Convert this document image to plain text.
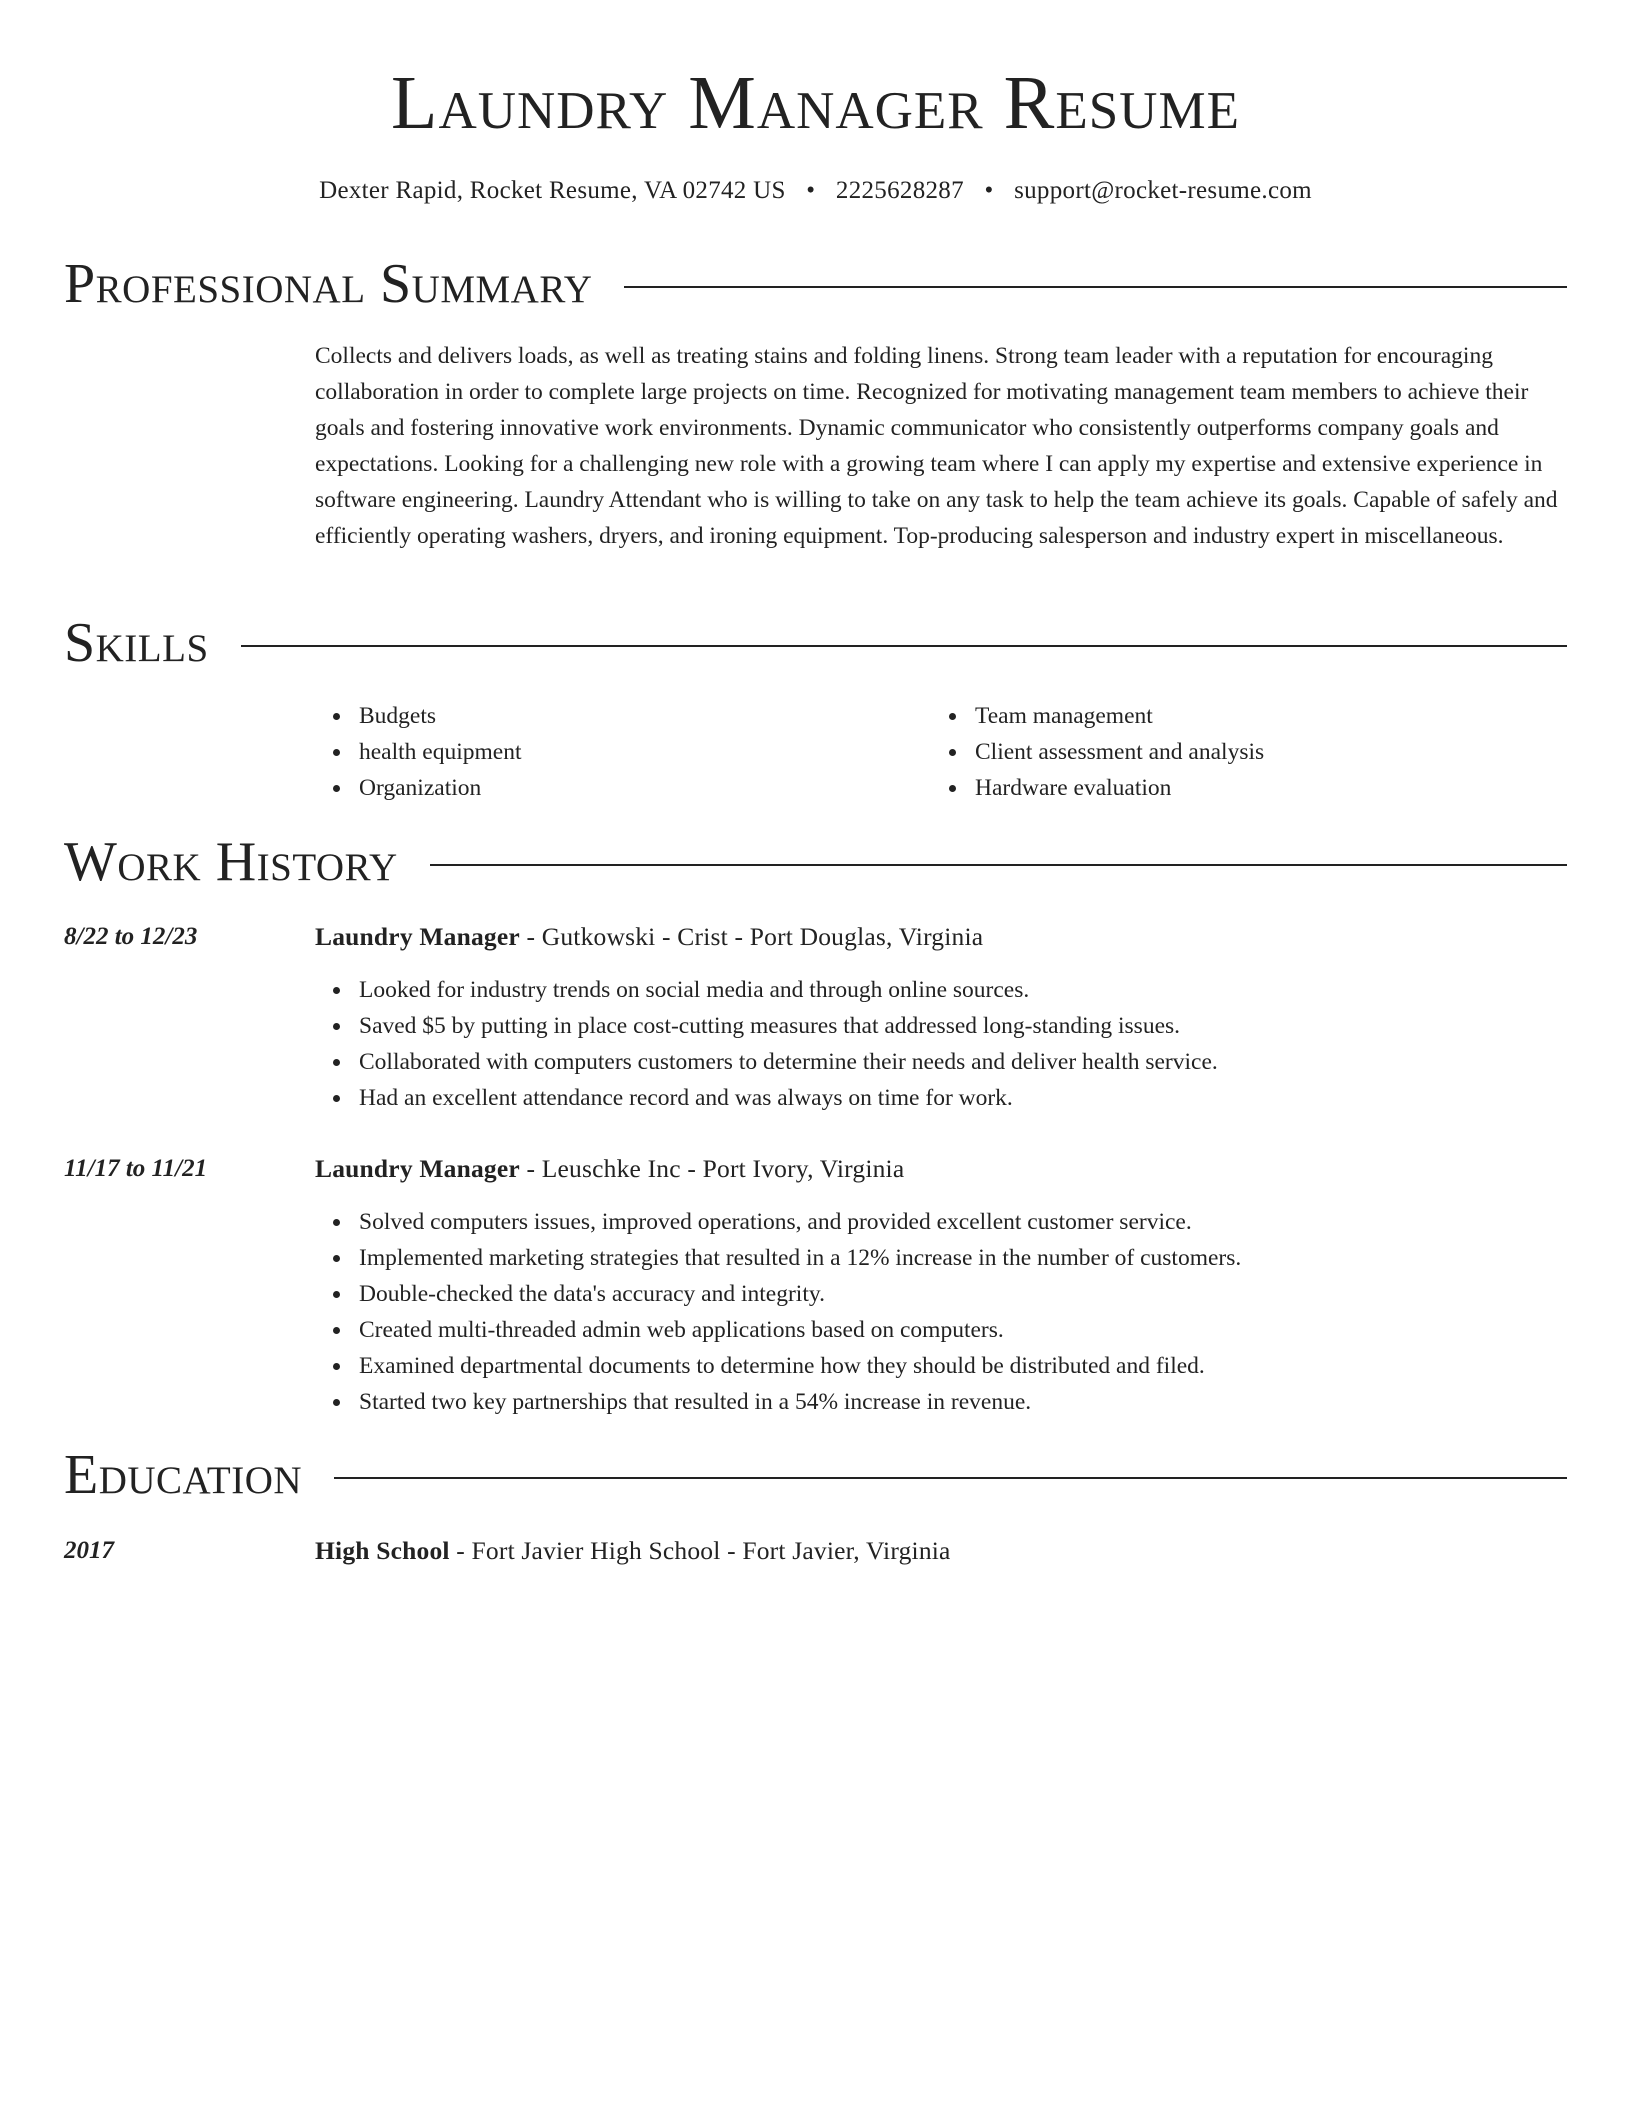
Laundry Manager Resume
Dexter Rapid, Rocket Resume, VA 02742 US • 2225628287 • support@rocket-resume.com
Professional Summary

Collects and delivers loads, as well as treating stains and folding linens. Strong team leader with a reputation for encouraging collaboration in order to complete large projects on time. Recognized for motivating management team members to achieve their goals and fostering innovative work environments. Dynamic communicator who consistently outperforms company goals and expectations. Looking for a challenging new role with a growing team where I can apply my expertise and extensive experience in software engineering. Laundry Attendant who is willing to take on any task to help the team achieve its goals. Capable of safely and efficiently operating washers, dryers, and ironing equipment. Top-producing salesperson and industry expert in miscellaneous.

Skills
Budgets
health equipment
Organization
Team management
Client assessment and analysis
Hardware evaluation
Work History
8/22 to 12/23	Laundry Manager - Gutkowski - Crist - Port Douglas, Virginia
Looked for industry trends on social media and through online sources.
Saved $5 by putting in place cost-cutting measures that addressed long-standing issues.
Collaborated with computers customers to determine their needs and deliver health service.
Had an excellent attendance record and was always on time for work.
11/17 to 11/21	Laundry Manager - Leuschke Inc - Port Ivory, Virginia
Solved computers issues, improved operations, and provided excellent customer service.
Implemented marketing strategies that resulted in a 12% increase in the number of customers.
Double-checked the data's accuracy and integrity.
Created multi-threaded admin web applications based on computers.
Examined departmental documents to determine how they should be distributed and filed.
Started two key partnerships that resulted in a 54% increase in revenue.
Education
2017	High School - Fort Javier High School - Fort Javier, Virginia
